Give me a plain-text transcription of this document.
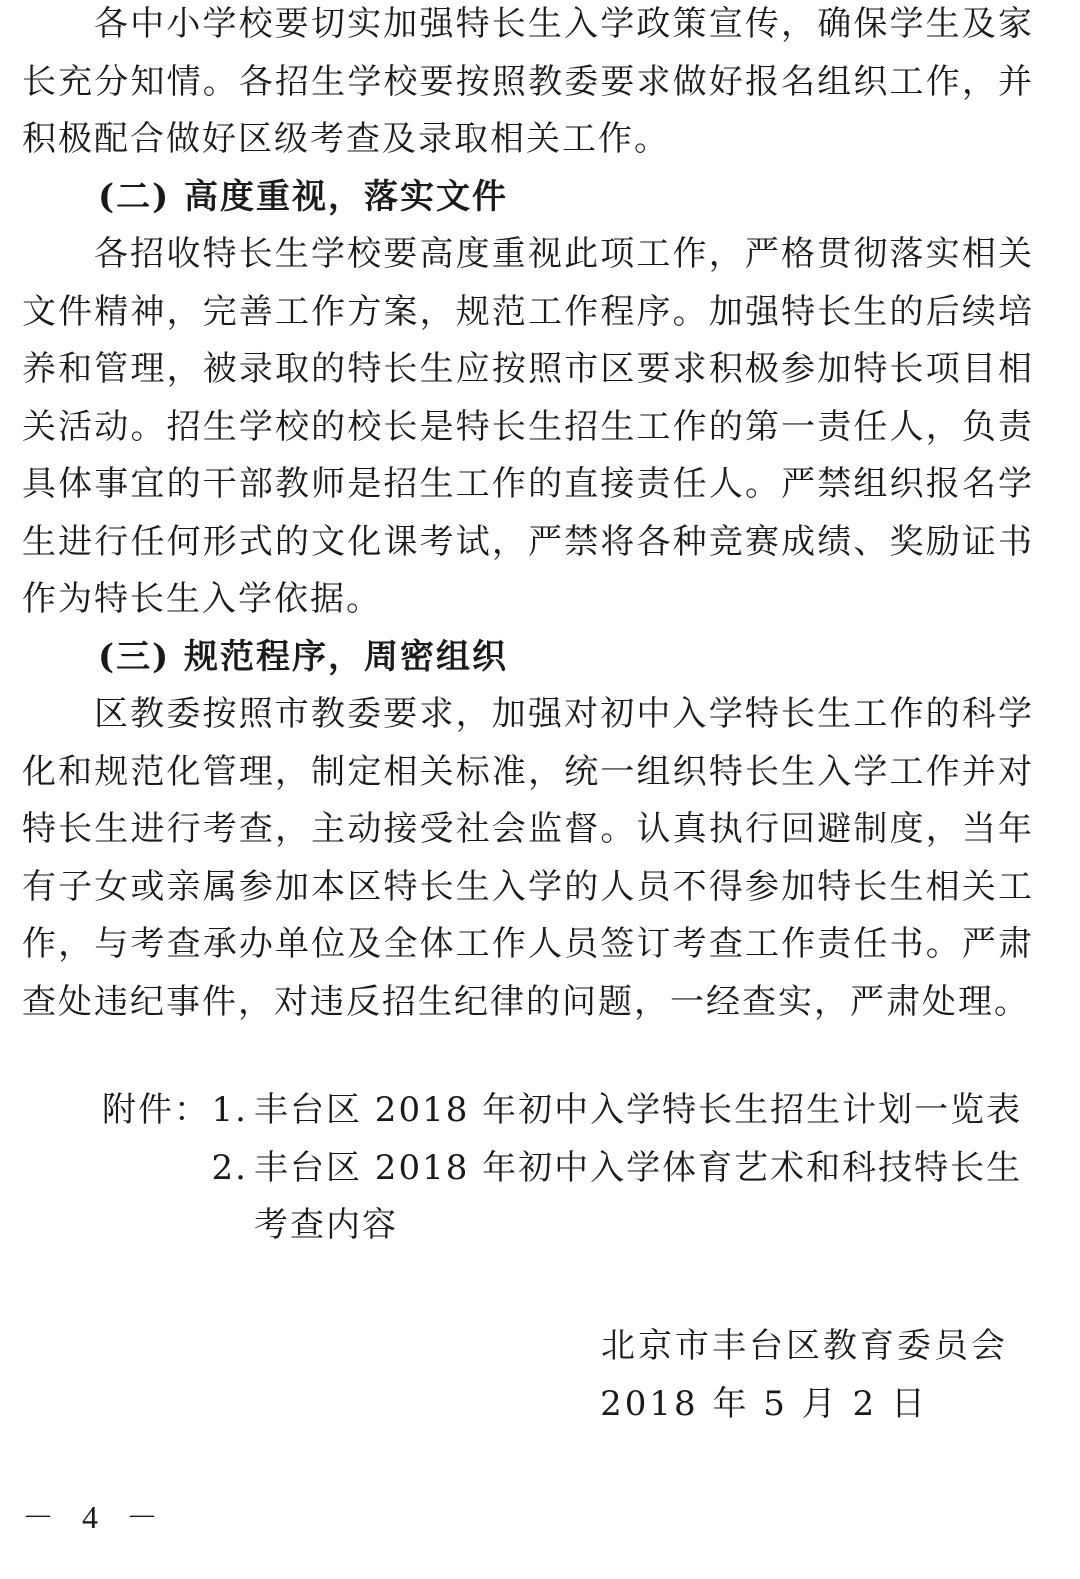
各中小学校要切实加强特长生入学政策宣传，确保学生及家长充分知情。各招生学校要按照教委要求做好报名组织工作，并积极配合做好区级考查及录取相关工作。

(二) 高度重视，落实文件

各招收特长生学校要高度重视此项工作，严格贯彻落实相关文件精神，完善工作方案，规范工作程序。加强特长生的后续培养和管理，被录取的特长生应按照市区要求积极参加特长项目相关活动。招生学校的校长是特长生招生工作的第一责任人，负责具体事宜的干部教师是招生工作的直接责任人。严禁组织报名学生进行任何形式的文化课考试，严禁将各种竞赛成绩、奖励证书作为特长生入学依据。

(三) 规范程序，周密组织

区教委按照市教委要求，加强对初中入学特长生工作的科学化和规范化管理，制定相关标准，统一组织特长生入学工作并对特长生进行考查，主动接受社会监督。认真执行回避制度，当年有子女或亲属参加本区特长生入学的人员不得参加特长生相关工作，与考查承办单位及全体工作人员签订考查工作责任书。严肃查处违纪事件，对违反招生纪律的问题，一经查实，严肃处理。

附件： 1. 丰台区 2018 年初中入学特长生招生计划一览表
2. 丰台区 2018 年初中入学体育艺术和科技特长生考查内容
北京市丰台区教育委员会
2018 年 5 月 2 日
－ 4 －
